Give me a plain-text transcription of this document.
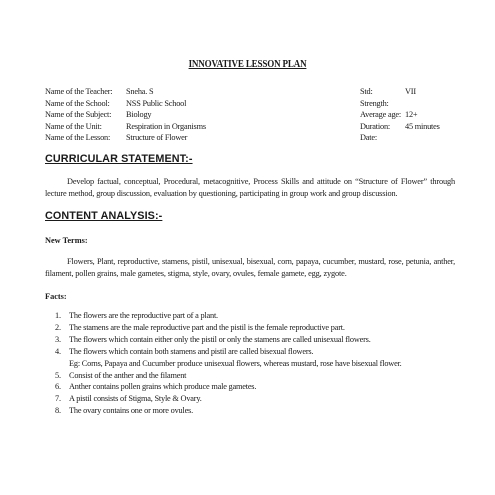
INNOVATIVE LESSON PLAN
Name of the Teacher:	Sneha. S
Name of the School:	NSS Public School
Name of the Subject:	Biology
Name of the Unit:	Respiration in Organisms
Name of the Lesson:	Structure of Flower
Std:	VII
Strength:
Average age: 12+
Duration:	45 minutes
Date:
CURRICULAR STATEMENT:-
Develop factual, conceptual, Procedural, metacognitive, Process Skills and attitude on “Structure of Flower” through lecture method, group discussion, evaluation by questioning, participating in group work and group discussion.
CONTENT ANALYSIS:-
New Terms:
Flowers, Plant, reproductive, stamens, pistil, unisexual, bisexual, corn, papaya, cucumber, mustard, rose, petunia, anther, filament, pollen grains, male gametes, stigma, style, ovary, ovules, female gamete, egg, zygote.
Facts:
1. The flowers are the reproductive part of a plant.
2. The stamens are the male reproductive part and the pistil is the female reproductive part.
3. The flowers which contain either only the pistil or only the stamens are called unisexual flowers.
4. The flowers which contain both stamens and pistil are called bisexual flowers.
Eg: Corns, Papaya and Cucumber produce unisexual flowers, whereas mustard, rose have bisexual flower.
5. Consist of the anther and the filament
6. Anther contains pollen grains which produce male gametes.
7. A pistil consists of Stigma, Style & Ovary.
8. The ovary contains one or more ovules.
